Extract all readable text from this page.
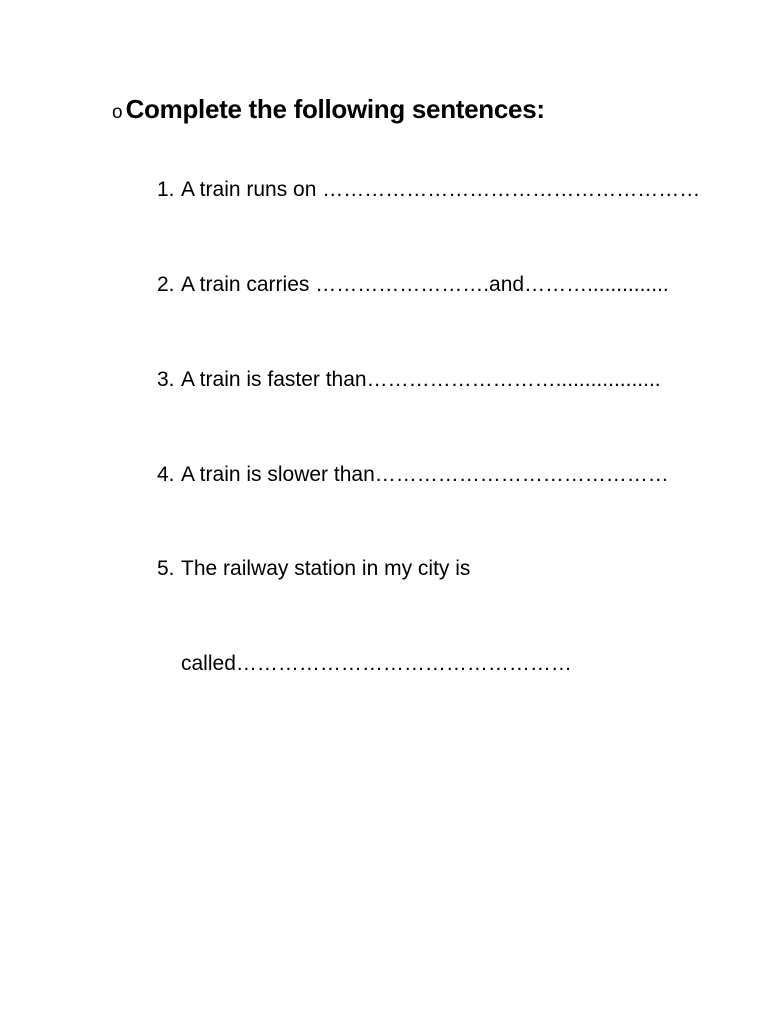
o Complete the following sentences:
1. A train runs on ………………………………………………
2. A train carries …………………….and………..............
3. A train is faster than………………………..................
4. A train is slower than……………………………………
5. The railway station in my city is
called…………………………………………
